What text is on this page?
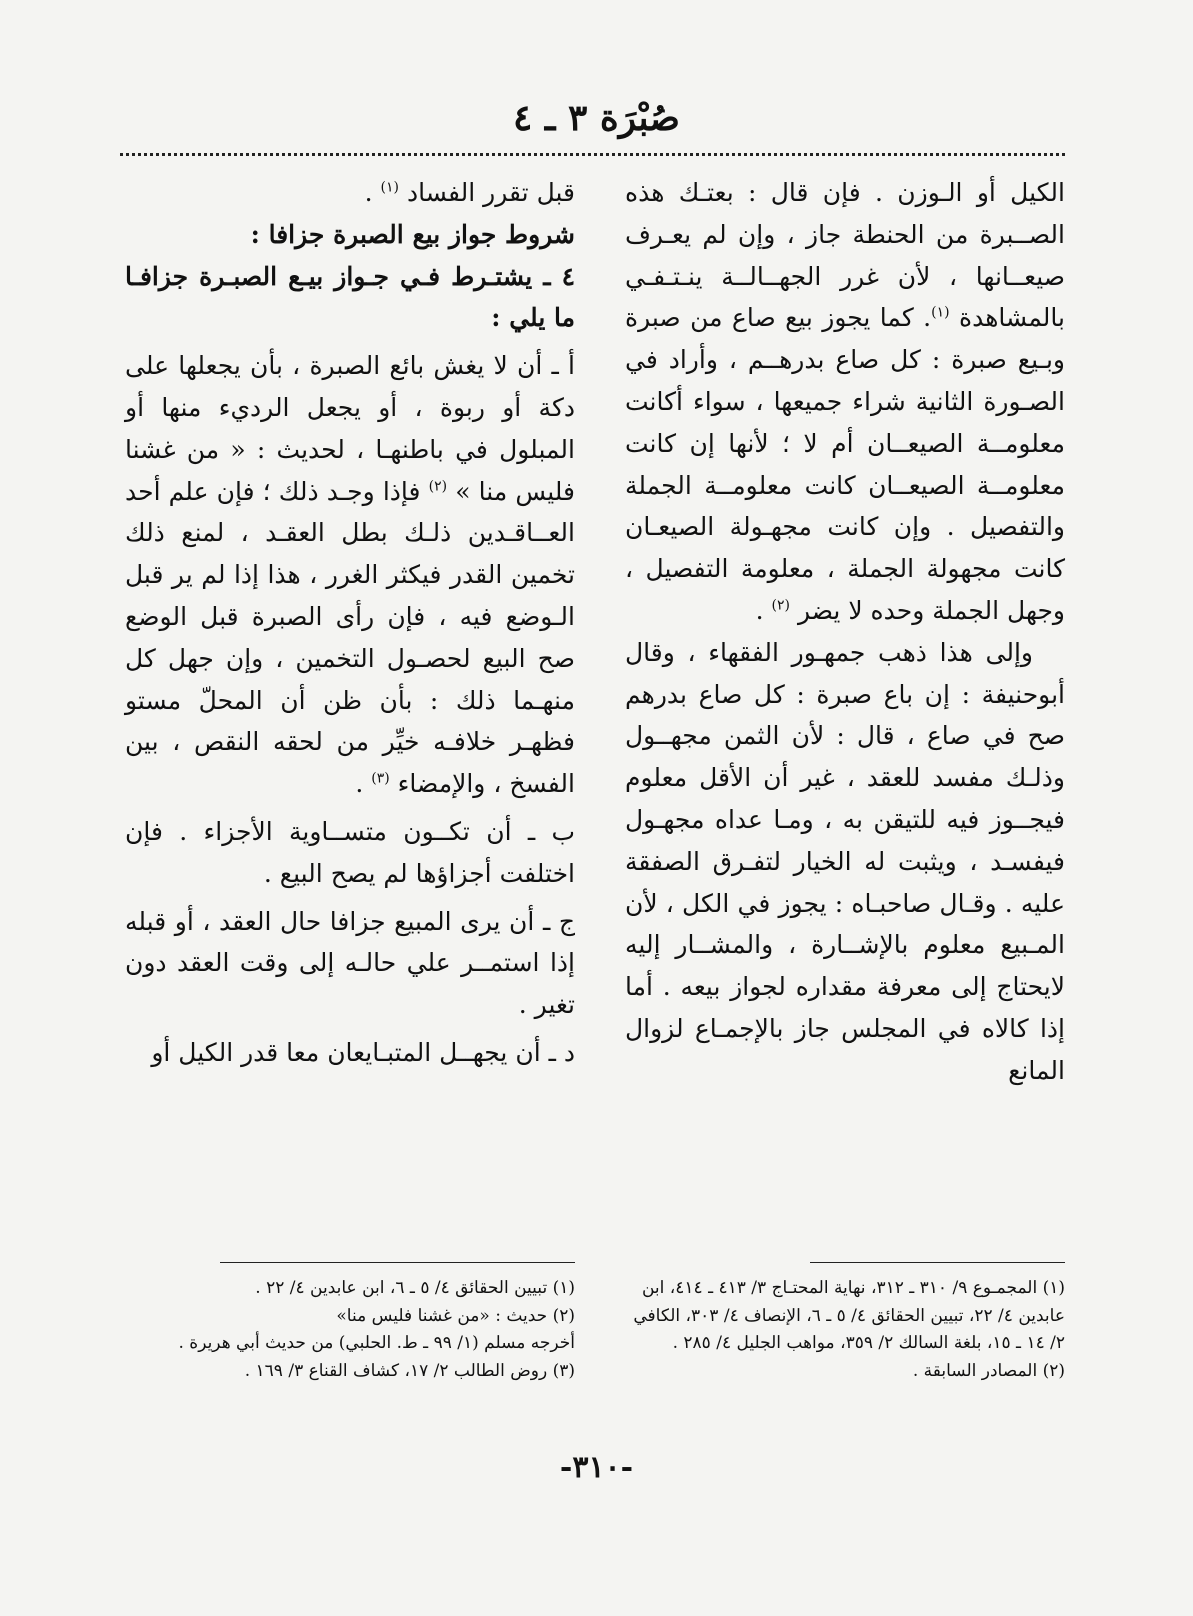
صُبْرَة ٣ ـ ٤

الكيل أو الـوزن . فإن قال : بعتـك هذه الصــبرة من الحنطة جاز ، وإن لم يعـرف صيعــانها ، لأن غرر الجهــالــة ينـتـفـي بالمشاهدة $^{(١)}$. كما يجوز بيع صاع من صبرة وبـيع صبرة : كل صاع بدرهــم ، وأراد في الصـورة الثانية شراء جميعها ، سواء أكانت معلومــة الصيعــان أم لا ؛ لأنها إن كانت معلومــة الصيعــان كانت معلومــة الجملة والتفصيل . وإن كانت مجهـولة الصيعـان كانت مجهولة الجملة ، معلومة التفصيل ، وجهل الجملة وحده لا يضر $^{(٢)}$ .

وإلى هذا ذهب جمهـور الفقهاء ، وقال أبوحنيفة : إن باع صبرة : كل صاع بدرهم صح في صاع ، قال : لأن الثمن مجهــول وذلـك مفسد للعقد ، غير أن الأقل معلوم فيجــوز فيه للتيقن به ، ومـا عداه مجهـول فيفسـد ، ويثبت له الخيار لتفـرق الصفقة عليه . وقـال صاحبـاه : يجوز في الكل ، لأن المـبيع معلوم بالإشــارة ، والمشــار إليه لايحتاج إلى معرفة مقداره لجواز بيعه . أما إذا كالاه في المجلس جاز بالإجمـاع لزوال المانع

قبل تقرر الفساد $^{(١)}$ .

شروط جواز بيع الصبرة جزافا :

٤ ـ يشتـرط فـي جـواز بيـع الصبـرة جزافـا ما يلي :

أ ـ أن لا يغش بائع الصبرة ، بأن يجعلها على دكة أو ربوة ، أو يجعل الرديء منها أو المبلول في باطنهـا ، لحديث : « من غشنا فليس منا » $^{(٢)}$ فإذا وجـد ذلك ؛ فإن علم أحد العــاقـدين ذلـك بطل العقـد ، لمنع ذلك تخمين القدر فيكثر الغرر ، هذا إذا لم ير قبل الـوضع فيه ، فإن رأى الصبرة قبل الوضع صح البيع لحصـول التخمين ، وإن جهل كل منهـما ذلك : بأن ظن أن المحلّ مستو فظهـر خلافـه خيِّر من لحقه النقص ، بين الفسخ ، والإمضاء $^{(٣)}$ .

ب ـ أن تكــون متســاوية الأجزاء . فإن اختلفت أجزاؤها لم يصح البيع .

ج ـ أن يرى المبيع جزافا حال العقد ، أو قبله إذا استمــر علي حالـه إلى وقت العقد دون تغير .

د ـ أن يجهــل المتبـايعان معا قدر الكيل أو

(١) المجمـوع ٩/ ٣١٠ ـ ٣١٢، نهاية المحتـاج ٣/ ٤١٣ ـ ٤١٤، ابن عابدين ٤/ ٢٢، تبيين الحقائق ٤/ ٥ ـ ٦، الإنصاف ٤/ ٣٠٣، الكافي ٢/ ١٤ ـ ١٥، بلغة السالك ٢/ ٣٥٩، مواهب الجليل ٤/ ٢٨٥ .

(٢) المصادر السابقة .

(١) تبيين الحقائق ٤/ ٥ ـ ٦، ابن عابدين ٤/ ٢٢ .

(٢) حديث : «من غشنا فليس منا»

أخرجه مسلم (١/ ٩٩ ـ ط. الحلبي) من حديث أبي هريرة .

(٣) روض الطالب ٢/ ١٧، كشاف القناع ٣/ ١٦٩ .

-٣١٠-
